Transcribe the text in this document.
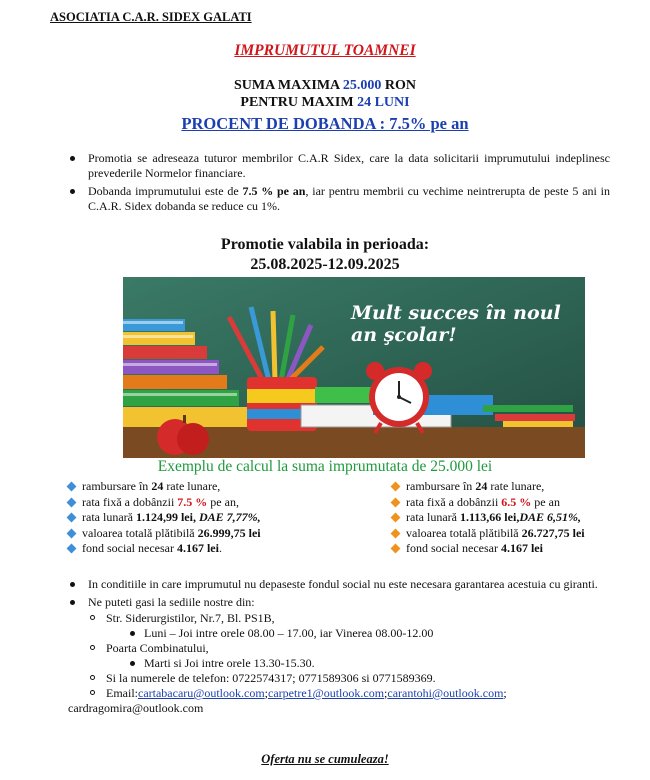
ASOCIATIA C.A.R. SIDEX GALATI
IMPRUMUTUL TOAMNEI
SUMA MAXIMA 25.000 RON
PENTRU MAXIM 24 LUNI
PROCENT DE DOBANDA : 7.5% pe an
Promotia se adreseaza tuturor membrilor C.A.R Sidex, care la data solicitarii imprumutului indeplinesc prevederile Normelor financiare.
Dobanda imprumutului este de 7.5 % pe an, iar pentru membrii cu vechime neintrerupta de peste 5 ani in C.A.R. Sidex dobanda se reduce cu 1%.
Promotie valabila in perioada:
25.08.2025-12.09.2025
Mult succes în noul
an şcolar!
Exemplu de calcul la suma imprumutata de 25.000 lei
rambursare în 24 rate lunare,
rata fixă a dobânzii 7.5 % pe an,
rata lunară 1.124,99 lei, DAE 7,77%,
valoarea totală plătibilă 26.999,75 lei
fond social necesar 4.167 lei.
rambursare în 24 rate lunare,
rata fixă a dobânzii 6.5 % pe an
rata lunară 1.113,66 lei,DAE 6,51%,
valoarea totală plătibilă 26.727,75 lei
fond social necesar 4.167 lei
In conditiile in care imprumutul nu depaseste fondul social nu este necesara garantarea acestuia cu giranti.
Ne puteti gasi la sediile nostre din:
Str. Siderurgistilor, Nr.7, Bl. PS1B,
Luni – Joi intre orele 08.00 – 17.00, iar Vinerea 08.00-12.00
Poarta Combinatului,
Marti si Joi intre orele 13.30-15.30.
Si la numerele de telefon: 0722574317; 0771589306 si 0771589369.
Email:cartabacaru@outlook.com;carpetre1@outlook.com;carantohi@outlook.com;
cardragomira@outlook.com
Oferta nu se cumuleaza!
